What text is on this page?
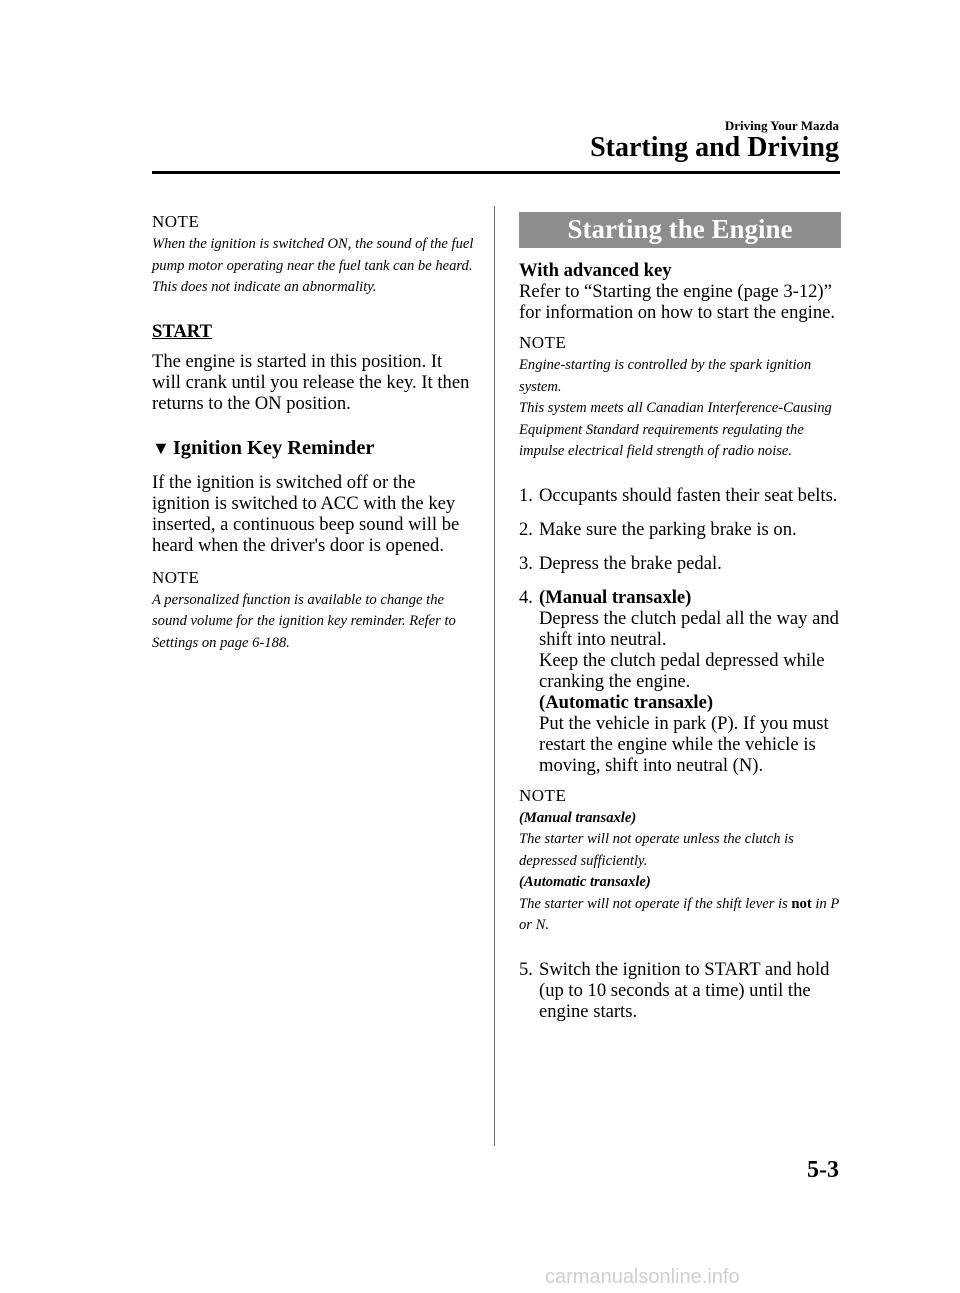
Driving Your Mazda
Starting and Driving

NOTE

When the ignition is switched ON, the sound of the fuel pump motor operating near the fuel tank can be heard. This does not indicate an abnormality.

START

The engine is started in this position. It will crank until you release the key. It then returns to the ON position.

▼ Ignition Key Reminder

If the ignition is switched off or the ignition is switched to ACC with the key inserted, a continuous beep sound will be heard when the driver's door is opened.

NOTE

A personalized function is available to change the sound volume for the ignition key reminder. Refer to Settings on page 6-188.

Starting the Engine

With advanced key

Refer to “Starting the engine (page 3-12)” for information on how to start the engine.

NOTE

Engine-starting is controlled by the spark ignition system.

This system meets all Canadian Interference-Causing Equipment Standard requirements regulating the impulse electrical field strength of radio noise.

1. Occupants should fasten their seat belts.
2. Make sure the parking brake is on.
3. Depress the brake pedal.
4. (Manual transaxle)
Depress the clutch pedal all the way and shift into neutral.
Keep the clutch pedal depressed while cranking the engine.
(Automatic transaxle)
Put the vehicle in park (P). If you must restart the engine while the vehicle is moving, shift into neutral (N).

NOTE

(Manual transaxle)

The starter will not operate unless the clutch is depressed sufficiently.

(Automatic transaxle)

The starter will not operate if the shift lever is not in P or N.

5. Switch the ignition to START and hold (up to 10 seconds at a time) until the engine starts.
5-3
carmanualsonline.info
